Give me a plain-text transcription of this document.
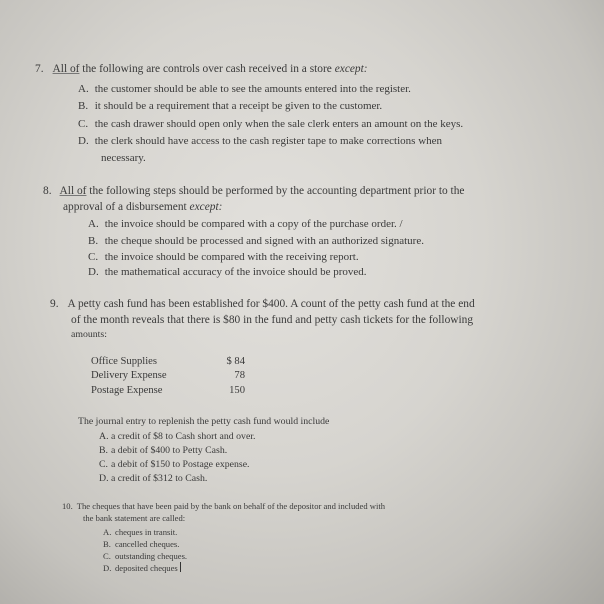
7. All of the following are controls over cash received in a store except:
A. the customer should be able to see the amounts entered into the register.
B. it should be a requirement that a receipt be given to the customer.
C. the cash drawer should open only when the sale clerk enters an amount on the keys.
D. the clerk should have access to the cash register tape to make corrections when
necessary.
8. All of the following steps should be performed by the accounting department prior to the
approval of a disbursement except:
A. the invoice should be compared with a copy of the purchase order. /
B. the cheque should be processed and signed with an authorized signature.
C. the invoice should be compared with the receiving report.
D. the mathematical accuracy of the invoice should be proved.
9. A petty cash fund has been established for $400. A count of the petty cash fund at the end
of the month reveals that there is $80 in the fund and petty cash tickets for the following
amounts:
Office Supplies	$ 84
Delivery Expense	78
Postage Expense	150
The journal entry to replenish the petty cash fund would include
A. a credit of $8 to Cash short and over.
B. a debit of $400 to Petty Cash.
C. a debit of $150 to Postage expense.
D. a credit of $312 to Cash.
10. The cheques that have been paid by the bank on behalf of the depositor and included with
the bank statement are called:
A. cheques in transit.
B. cancelled cheques.
C. outstanding cheques.
D. deposited cheques
